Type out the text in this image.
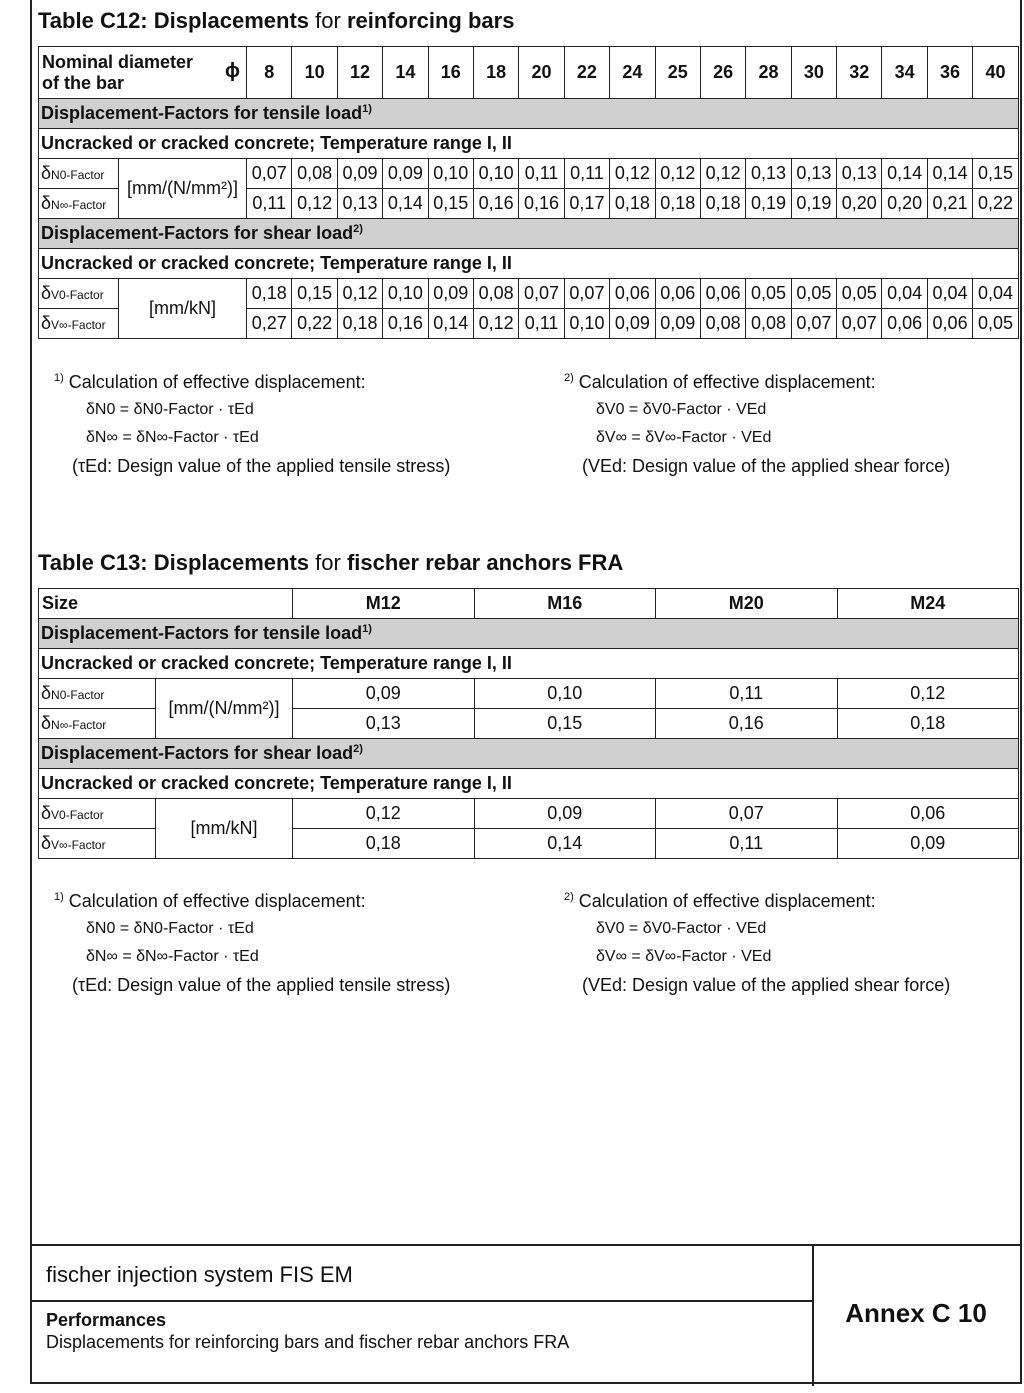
Table C12: Displacements for reinforcing bars
Nominal diameter
of the bar
ϕ		8	10	12	14	16	18	20	22	24	25	26	28	30	32	34	36	40
Displacement-Factors for tensile load$^{1)}$
Uncracked or cracked concrete; Temperature range I, II																		
δN0-Factor	[mm/(N/mm²)]	0,07	0,08	0,09	0,09	0,10	0,10	0,11	0,11	0,12	0,12	0,12	0,13	0,13	0,13	0,14	0,14	0,15
δN∞-Factor		0,11	0,12	0,13	0,14	0,15	0,16	0,16	0,17	0,18	0,18	0,18	0,19	0,19	0,20	0,20	0,21	0,22
Displacement-Factors for shear load$^{2)}$
Uncracked or cracked concrete; Temperature range I, II																		
δV0-Factor	[mm/kN]	0,18	0,15	0,12	0,10	0,09	0,08	0,07	0,07	0,06	0,06	0,06	0,05	0,05	0,05	0,04	0,04	0,04
δV∞-Factor		0,27	0,22	0,18	0,16	0,14	0,12	0,11	0,10	0,09	0,09	0,08	0,08	0,07	0,07	0,06	0,06	0,05
$^{1)}$ Calculation of effective displacement:
δN0 = δN0-Factor · τEd
δN∞ = δN∞-Factor · τEd
(τEd: Design value of the applied tensile stress)
$^{2)}$ Calculation of effective displacement:
δV0 = δV0-Factor · VEd
δV∞ = δV∞-Factor · VEd
(VEd: Design value of the applied shear force)
Table C13: Displacements for fischer rebar anchors FRA
Size		M12	M16	M20	M24
Displacement-Factors for tensile load$^{1)}$
Uncracked or cracked concrete; Temperature range I, II					
δN0-Factor	[mm/(N/mm²)]	0,09	0,10	0,11	0,12
δN∞-Factor		0,13	0,15	0,16	0,18
Displacement-Factors for shear load$^{2)}$
Uncracked or cracked concrete; Temperature range I, II					
δV0-Factor	[mm/kN]	0,12	0,09	0,07	0,06
δV∞-Factor		0,18	0,14	0,11	0,09
$^{1)}$ Calculation of effective displacement:
δN0 = δN0-Factor · τEd
δN∞ = δN∞-Factor · τEd
(τEd: Design value of the applied tensile stress)
$^{2)}$ Calculation of effective displacement:
δV0 = δV0-Factor · VEd
δV∞ = δV∞-Factor · VEd
(VEd: Design value of the applied shear force)
fischer injection system FIS EM
Performances
Displacements for reinforcing bars and fischer rebar anchors FRA
Annex C 10
